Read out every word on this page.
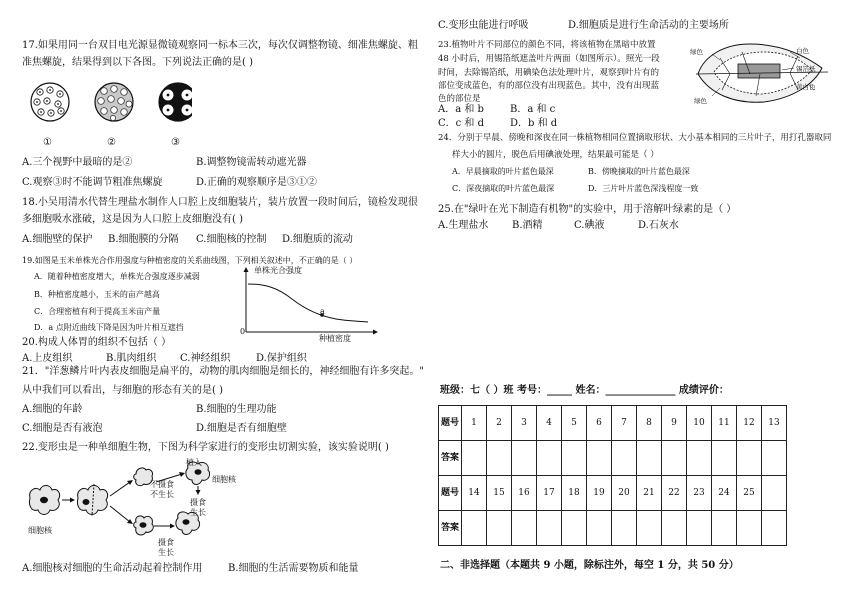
17.如果用同一台双目电光源显微镜观察同一标本三次，每次仅调整物镜、细准焦螺旋、粗
准焦螺旋，结果得到以下各图。下列说法正确的是( )
①	②	③
A.三个视野中最暗的是②	B.调整物镜需转动遮光器
C.观察③时不能调节粗准焦螺旋	D.正确的观察顺序是③①②
18.小吴用清水代替生理盐水制作人口腔上皮细胞装片，装片放置一段时间后，镜检发现很
多细胞吸水涨破，这是因为人口腔上皮细胞没有( )
A.细胞壁的保护 B.细胞膜的分隔 C.细胞核的控制 D.细胞质的流动
19.如图是玉米单株光合作用强度与种植密度的关系曲线图，下列相关叙述中，不正确的是（ ）
A．随着种植密度增大，单株光合强度逐步减弱
B．种植密度越小，玉米的亩产越高
C．合理密植有利于提高玉米亩产量
D．a 点附近曲线下降是因为叶片相互遮挡
单株光合强度
种植密度
0
a
20.构成人体胃的组织不包括（ ）
A.上皮组织	B.肌肉组织 C.神经组织	D.保护组织
21．"洋葱鳞片叶内表皮细胞是扁平的，动物的肌肉细胞是细长的，神经细胞有许多突起。"
从中我们可以看出，与细胞的形态有关的是( )
A.细胞的年龄	B.细胞的生理功能
C.细胞是否有液泡	D.细胞是否有细胞壁
22.变形虫是一种单细胞生物，下图为科学家进行的变形虫切割实验，该实验说明( )
细胞核
植入
细胞核
不摄食
不生长
摄食
生长
摄食
生长
A.细胞核对细胞的生命活动起着控制作用	B.细胞的生活需要物质和能量
C.变形虫能进行呼吸	D.细胞质是进行生命活动的主要场所
23.植物叶片不同部位的颜色不同，将该植物在黑暗中放置
48 小时后，用锡箔纸遮盖叶片两面（如图所示）。照光一段
时间，去除锡箔纸，用碘染色法处理叶片，观察到叶片有的
部位变成蓝色，有的部位没有出现蓝色。其中，没有出现蓝
色的部位是
A．a 和 b	B．a 和 c
C．c 和 d	D．b 和 d
绿色	白色
锡箔纸
黄白色
绿色
24．分别于早晨、傍晚和深夜在同一株植物相同位置摘取形状、大小基本相同的三片叶子，用打孔器取同
样大小的圆片，脱色后用碘液处理，结果最可能是（ ）
A．早晨摘取的叶片蓝色最深	B．傍晚摘取的叶片蓝色最深
C．深夜摘取的叶片蓝色最深	D．三片叶片蓝色深浅程度一致
25.在"绿叶在光下制造有机物"的实验中，用于溶解叶绿素的是（ ）
A.生理盐水 B.酒精	C.碘液	D.石灰水
班级：七（ ）班 考号：_____ 姓名：______________ 成绩评价：
题号	1	2	3	4	5	6	7	8	9	10	11	12	13
答案													
题号	14	15	16	17	18	19	20	21	22	23	24	25	
答案													
二、非选择题（本题共 9 小题，除标注外，每空 1 分，共 50 分）
